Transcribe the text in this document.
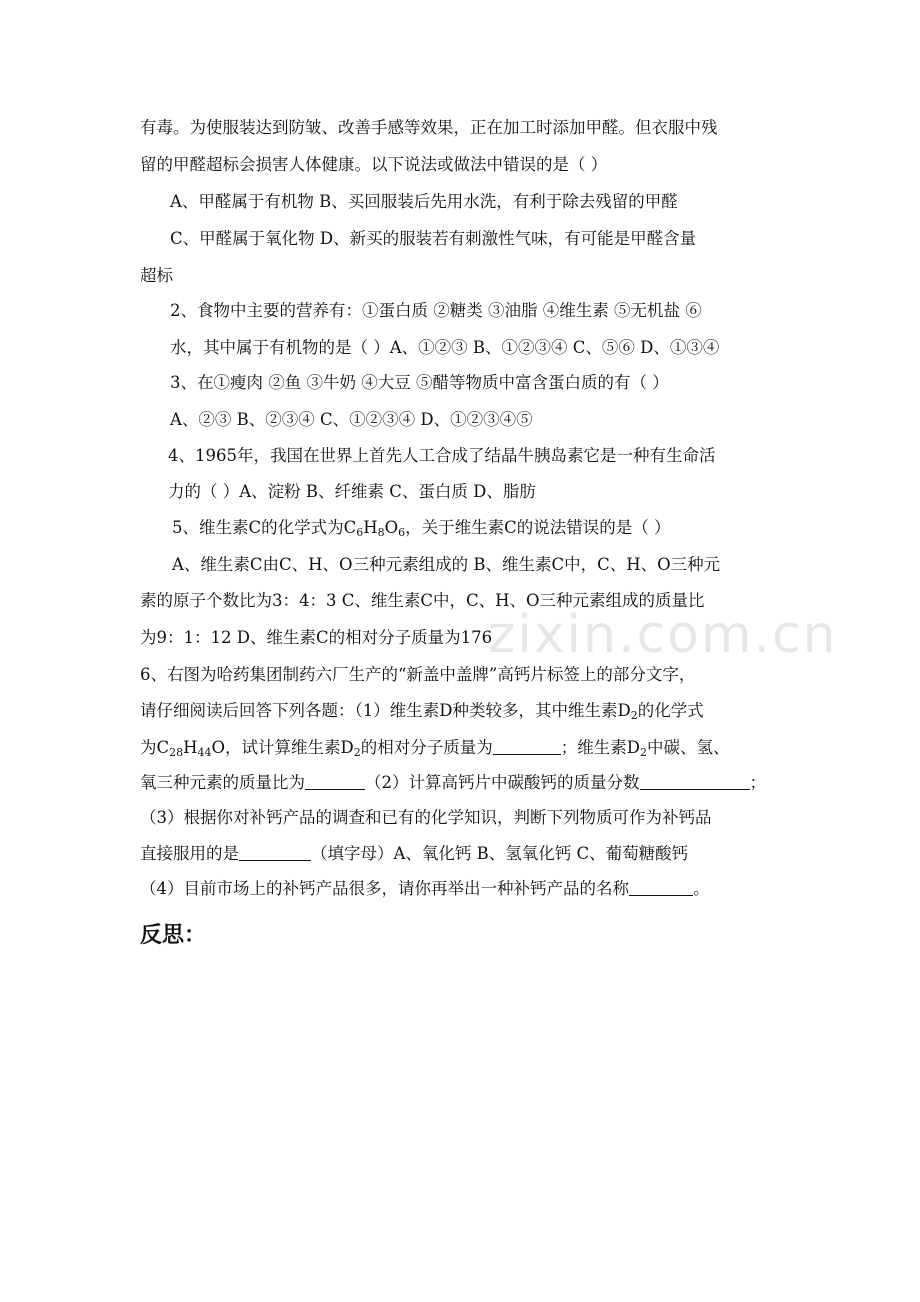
zixin.com.cn
有毒。为使服装达到防皱、改善手感等效果，正在加工时添加甲醛。但衣服中残
留的甲醛超标会损害人体健康。以下说法或做法中错误的是（ ）
A、甲醛属于有机物 B、买回服装后先用水洗，有利于除去残留的甲醛
C、甲醛属于氧化物 D、新买的服装若有刺激性气味，有可能是甲醛含量
超标
2、食物中主要的营养有：①蛋白质 ②糖类 ③油脂 ④维生素 ⑤无机盐 ⑥
水，其中属于有机物的是（ ）A、①②③ B、①②③④ C、⑤⑥ D、①③④
3、在①瘦肉 ②鱼 ③牛奶 ④大豆 ⑤醋等物质中富含蛋白质的有（ ）
A、②③ B、②③④ C、①②③④ D、①②③④⑤
4、1965年，我国在世界上首先人工合成了结晶牛胰岛素它是一种有生命活
力的（ ）A、淀粉 B、纤维素 C、蛋白质 D、脂肪
5、维生素C的化学式为$C_6H_8O_6$，关于维生素C的说法错误的是（ ）
A、维生素C由C、H、O三种元素组成的 B、维生素C中，C、H、O三种元
素的原子个数比为3：4：3 C、维生素C中，C、H、O三种元素组成的质量比
为9：1：12 D、维生素C的相对分子质量为176
6、右图为哈药集团制药六厂生产的“新盖中盖牌”高钙片标签上的部分文字，
请仔细阅读后回答下列各题：（1）维生素D种类较多，其中维生素$D_2$的化学式
为$C_{28}H_{44}O$，试计算维生素$D_2$的相对分子质量为	；维生素$D_2$中碳、氢、
氧三种元素的质量比为	（2）计算高钙片中碳酸钙的质量分数	；
（3）根据你对补钙产品的调查和已有的化学知识，判断下列物质可作为补钙品
直接服用的是	（填字母）A、氧化钙 B、氢氧化钙 C、葡萄糖酸钙
（4）目前市场上的补钙产品很多，请你再举出一种补钙产品的名称	。
反思：
